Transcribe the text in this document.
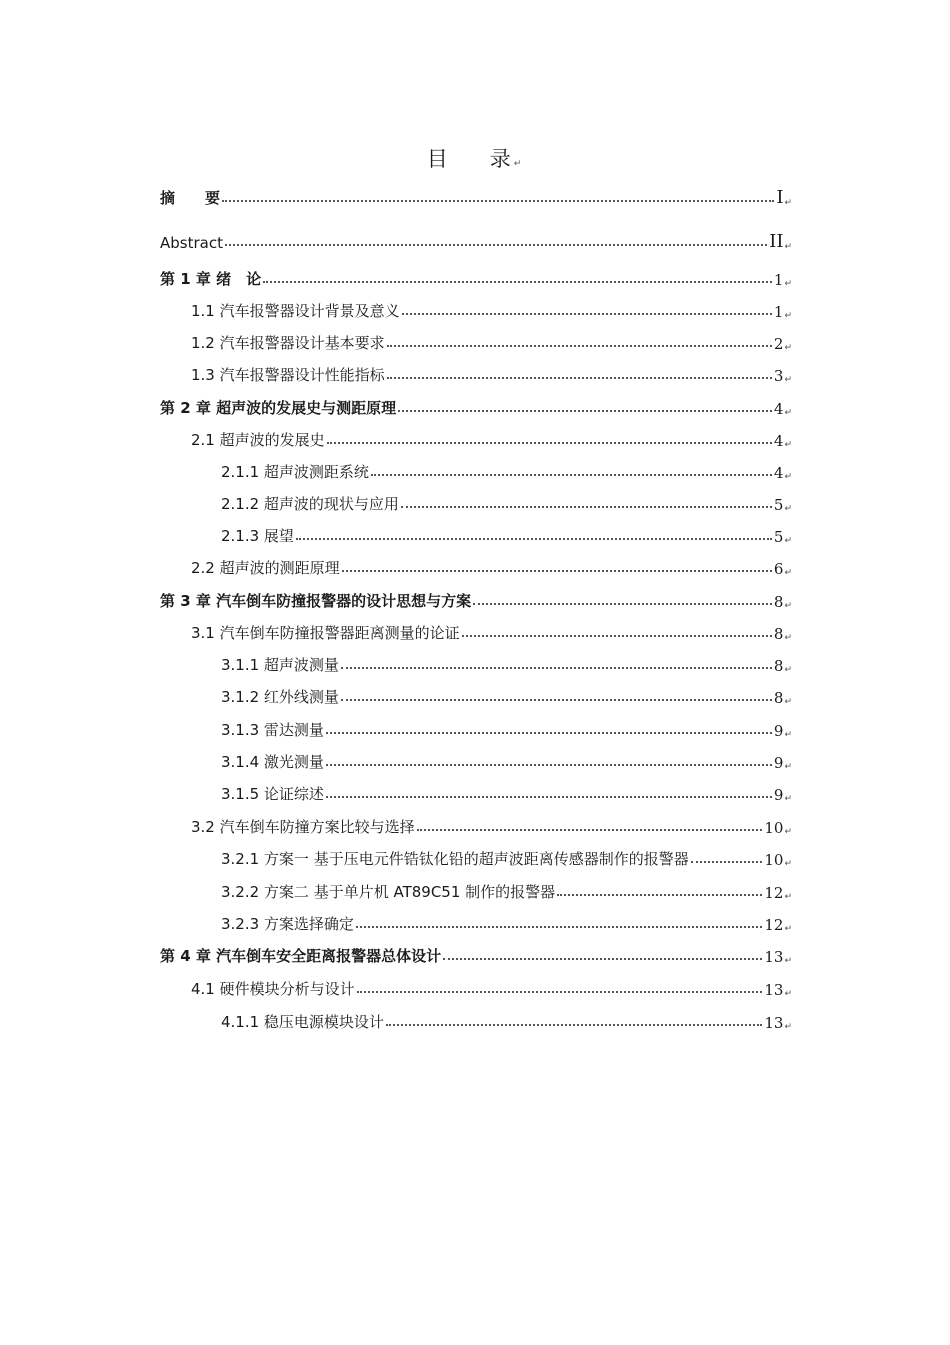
目 录↵
摘　　要	I ↵
Abstract	II ↵
第 1 章 绪　论	1 ↵
1.1 汽车报警器设计背景及意义	1 ↵
1.2 汽车报警器设计基本要求	2 ↵
1.3 汽车报警器设计性能指标	3 ↵
第 2 章 超声波的发展史与测距原理	4 ↵
2.1 超声波的发展史	4 ↵
2.1.1 超声波测距系统	4 ↵
2.1.2 超声波的现状与应用	5 ↵
2.1.3 展望	5 ↵
2.2 超声波的测距原理	6 ↵
第 3 章 汽车倒车防撞报警器的设计思想与方案	8 ↵
3.1 汽车倒车防撞报警器距离测量的论证	8 ↵
3.1.1 超声波测量	8 ↵
3.1.2 红外线测量	8 ↵
3.1.3 雷达测量	9 ↵
3.1.4 激光测量	9 ↵
3.1.5 论证综述	9 ↵
3.2 汽车倒车防撞方案比较与选择	10 ↵
3.2.1 方案一 基于压电元件锆钛化铅的超声波距离传感器制作的报警器	10 ↵
3.2.2 方案二 基于单片机 AT89C51 制作的报警器	12 ↵
3.2.3 方案选择确定	12 ↵
第 4 章 汽车倒车安全距离报警器总体设计	13 ↵
4.1 硬件模块分析与设计	13 ↵
4.1.1 稳压电源模块设计	13 ↵
